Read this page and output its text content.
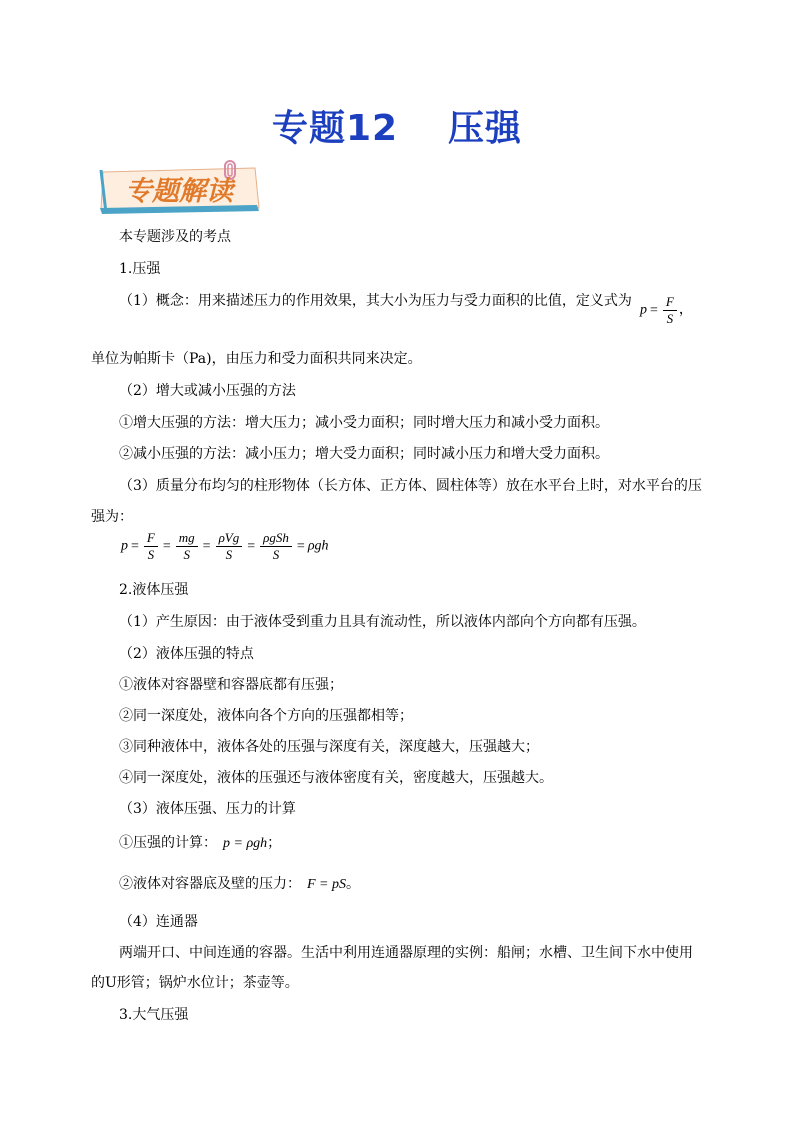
专题12 压强
专题解读
本专题涉及的考点
1.压强
（1）概念：用来描述压力的作用效果，其大小为压力与受力面积的比值，定义式为
$p = \frac{F}{S}$ ，
单位为帕斯卡（Pa)，由压力和受力面积共同来决定。
（2）增大或减小压强的方法
①增大压强的方法：增大压力；减小受力面积；同时增大压力和减小受力面积。
②减小压强的方法：减小压力；增大受力面积；同时减小压力和增大受力面积。
（3）质量分布均匀的柱形物体（长方体、正方体、圆柱体等）放在水平台上时，对水平台的压
强为：
$p = \frac{F}{S} = \frac{mg}{S} = \frac{\text{ρVg}}{S} = \frac{\text{ρgSh}}{S} = \rho gh$
2.液体压强
（1）产生原因：由于液体受到重力且具有流动性，所以液体内部向个方向都有压强。
（2）液体压强的特点
①液体对容器壁和容器底都有压强；
②同一深度处，液体向各个方向的压强都相等；
③同种液体中，液体各处的压强与深度有关，深度越大，压强越大；
④同一深度处，液体的压强还与液体密度有关，密度越大，压强越大。
（3）液体压强、压力的计算
①压强的计算： p = ρgh；
②液体对容器底及壁的压力： F = pS。
（4）连通器
两端开口、中间连通的容器。生活中利用连通器原理的实例：船闸；水槽、卫生间下水中使用的U形管；锅炉水位计；茶壶等。
3.大气压强
